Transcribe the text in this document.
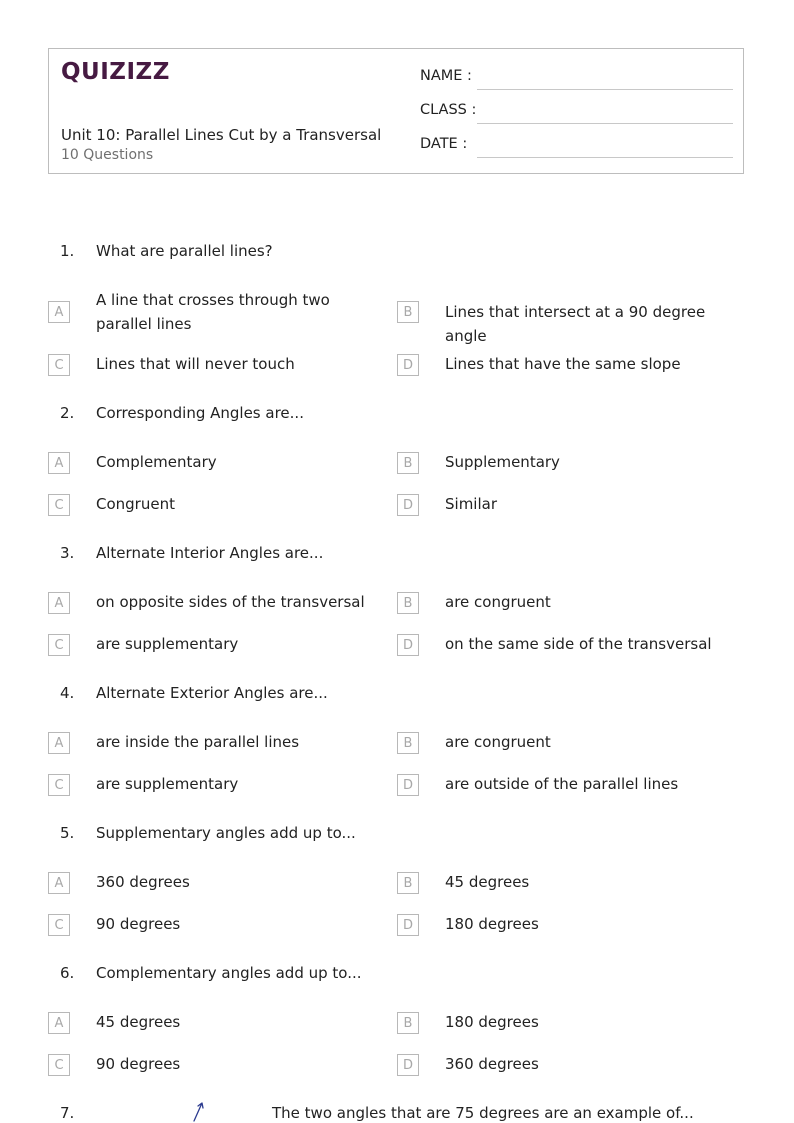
QUIZIZZ
Unit 10: Parallel Lines Cut by a Transversal
10 Questions
NAME :
CLASS :
DATE :
1. What are parallel lines?
A
A line that crosses through two parallel lines
B	Lines that intersect at a 90 degree angle
C	Lines that will never touch	D	Lines that have the same slope
2. Corresponding Angles are...
A	Complementary	B	Supplementary
C	Congruent	D	Similar
3. Alternate Interior Angles are...
A	on opposite sides of the transversal	B	are congruent
C	are supplementary	D	on the same side of the transversal
4. Alternate Exterior Angles are...
A	are inside the parallel lines	B	are congruent
C	are supplementary	D	are outside of the parallel lines
5. Supplementary angles add up to...
A	360 degrees	B	45 degrees
C	90 degrees	D	180 degrees
6. Complementary angles add up to...
A	45 degrees	B	180 degrees
C	90 degrees	D	360 degrees
7.	The two angles that are 75 degrees are an example of...
